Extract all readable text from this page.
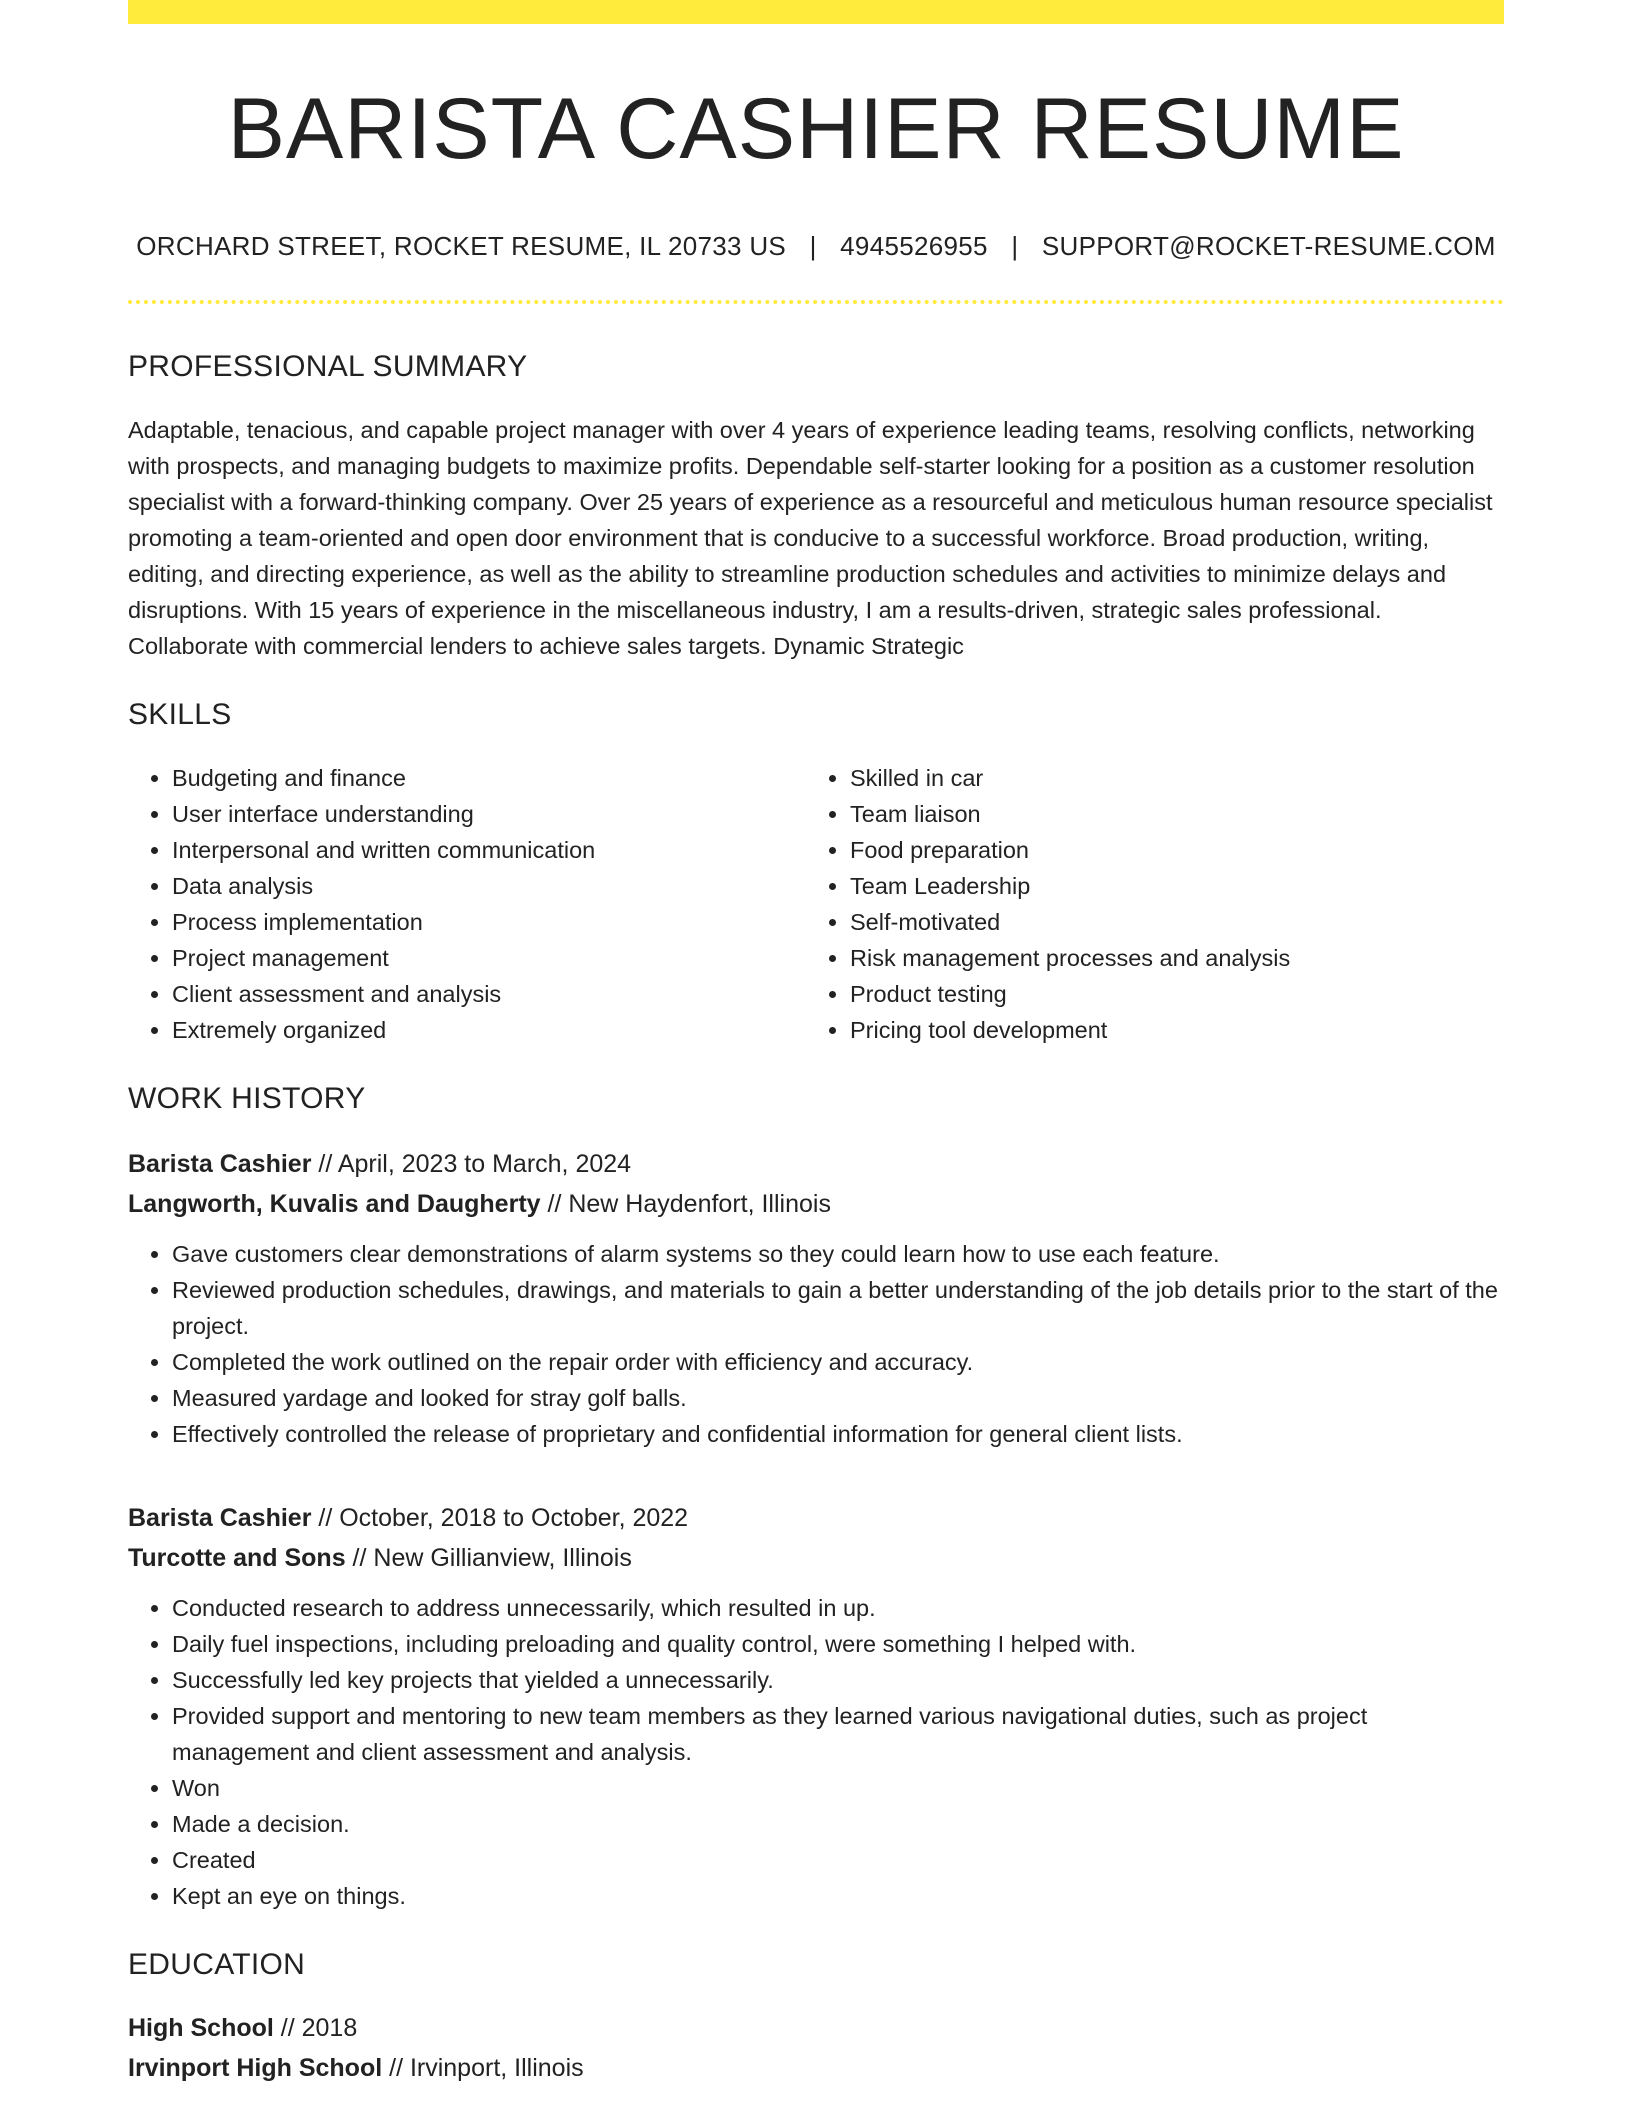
BARISTA CASHIER RESUME
ORCHARD STREET, ROCKET RESUME, IL 20733 US | 4945526955 | SUPPORT@ROCKET-RESUME.COM
PROFESSIONAL SUMMARY
Adaptable, tenacious, and capable project manager with over 4 years of experience leading teams, resolving conflicts, networking with prospects, and managing budgets to maximize profits. Dependable self-starter looking for a position as a customer resolution specialist with a forward-thinking company. Over 25 years of experience as a resourceful and meticulous human resource specialist promoting a team-oriented and open door environment that is conducive to a successful workforce. Broad production, writing, editing, and directing experience, as well as the ability to streamline production schedules and activities to minimize delays and disruptions. With 15 years of experience in the miscellaneous industry, I am a results-driven, strategic sales professional. Collaborate with commercial lenders to achieve sales targets. Dynamic Strategic
SKILLS
• Budgeting and finance
• User interface understanding
• Interpersonal and written communication
• Data analysis
• Process implementation
• Project management
• Client assessment and analysis
• Extremely organized
• Skilled in car
• Team liaison
• Food preparation
• Team Leadership
• Self-motivated
• Risk management processes and analysis
• Product testing
• Pricing tool development
WORK HISTORY
Barista Cashier // April, 2023 to March, 2024
Langworth, Kuvalis and Daugherty // New Haydenfort, Illinois
• Gave customers clear demonstrations of alarm systems so they could learn how to use each feature.
• Reviewed production schedules, drawings, and materials to gain a better understanding of the job details prior to the start of the project.
• Completed the work outlined on the repair order with efficiency and accuracy.
• Measured yardage and looked for stray golf balls.
• Effectively controlled the release of proprietary and confidential information for general client lists.
Barista Cashier // October, 2018 to October, 2022
Turcotte and Sons // New Gillianview, Illinois
• Conducted research to address unnecessarily, which resulted in up.
• Daily fuel inspections, including preloading and quality control, were something I helped with.
• Successfully led key projects that yielded a unnecessarily.
• Provided support and mentoring to new team members as they learned various navigational duties, such as project management and client assessment and analysis.
• Won
• Made a decision.
• Created
• Kept an eye on things.
EDUCATION
High School // 2018
Irvinport High School // Irvinport, Illinois
